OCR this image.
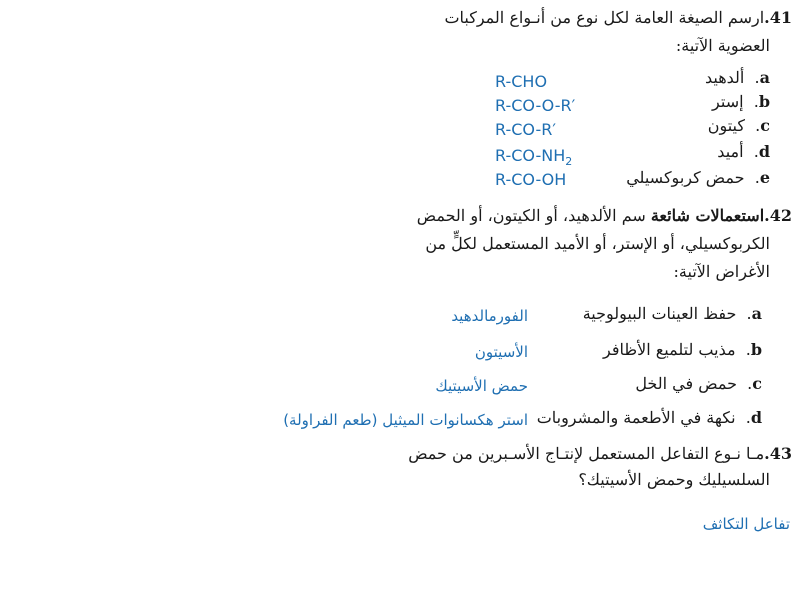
41.ارسم الصيغة العامة لكل نوع من أنـواع المركبات
العضوية الآتية:
a.  ألدهيد
R-CHO
b.  إستر
R-CO-O-R′
c.  كيتون
R-CO-R′
d.  أميد
$R-CO-NH_2$
e.  حمض كربوكسيلي
R-CO-OH
42.استعمالات شائعة سم الألدهيد، أو الكيتون، أو الحمض
الكربوكسيلي، أو الإستر، أو الأميد المستعمل لكلٍّ من
الأغراض الآتية:
a.  حفظ العينات البيولوجية
الفورمالدهيد
b.  مذيب لتلميع الأظافر
الأسيتون
c.  حمض في الخل
حمض الأسيتيك
d.  نكهة في الأطعمة والمشروبات
استر هكسانوات الميثيل (طعم الفراولة)
43.مـا نـوع التفاعل المستعمل لإنتـاج الأسـبرين من حمض
السلسيليك وحمض الأسيتيك؟
تفاعل التكاثف
